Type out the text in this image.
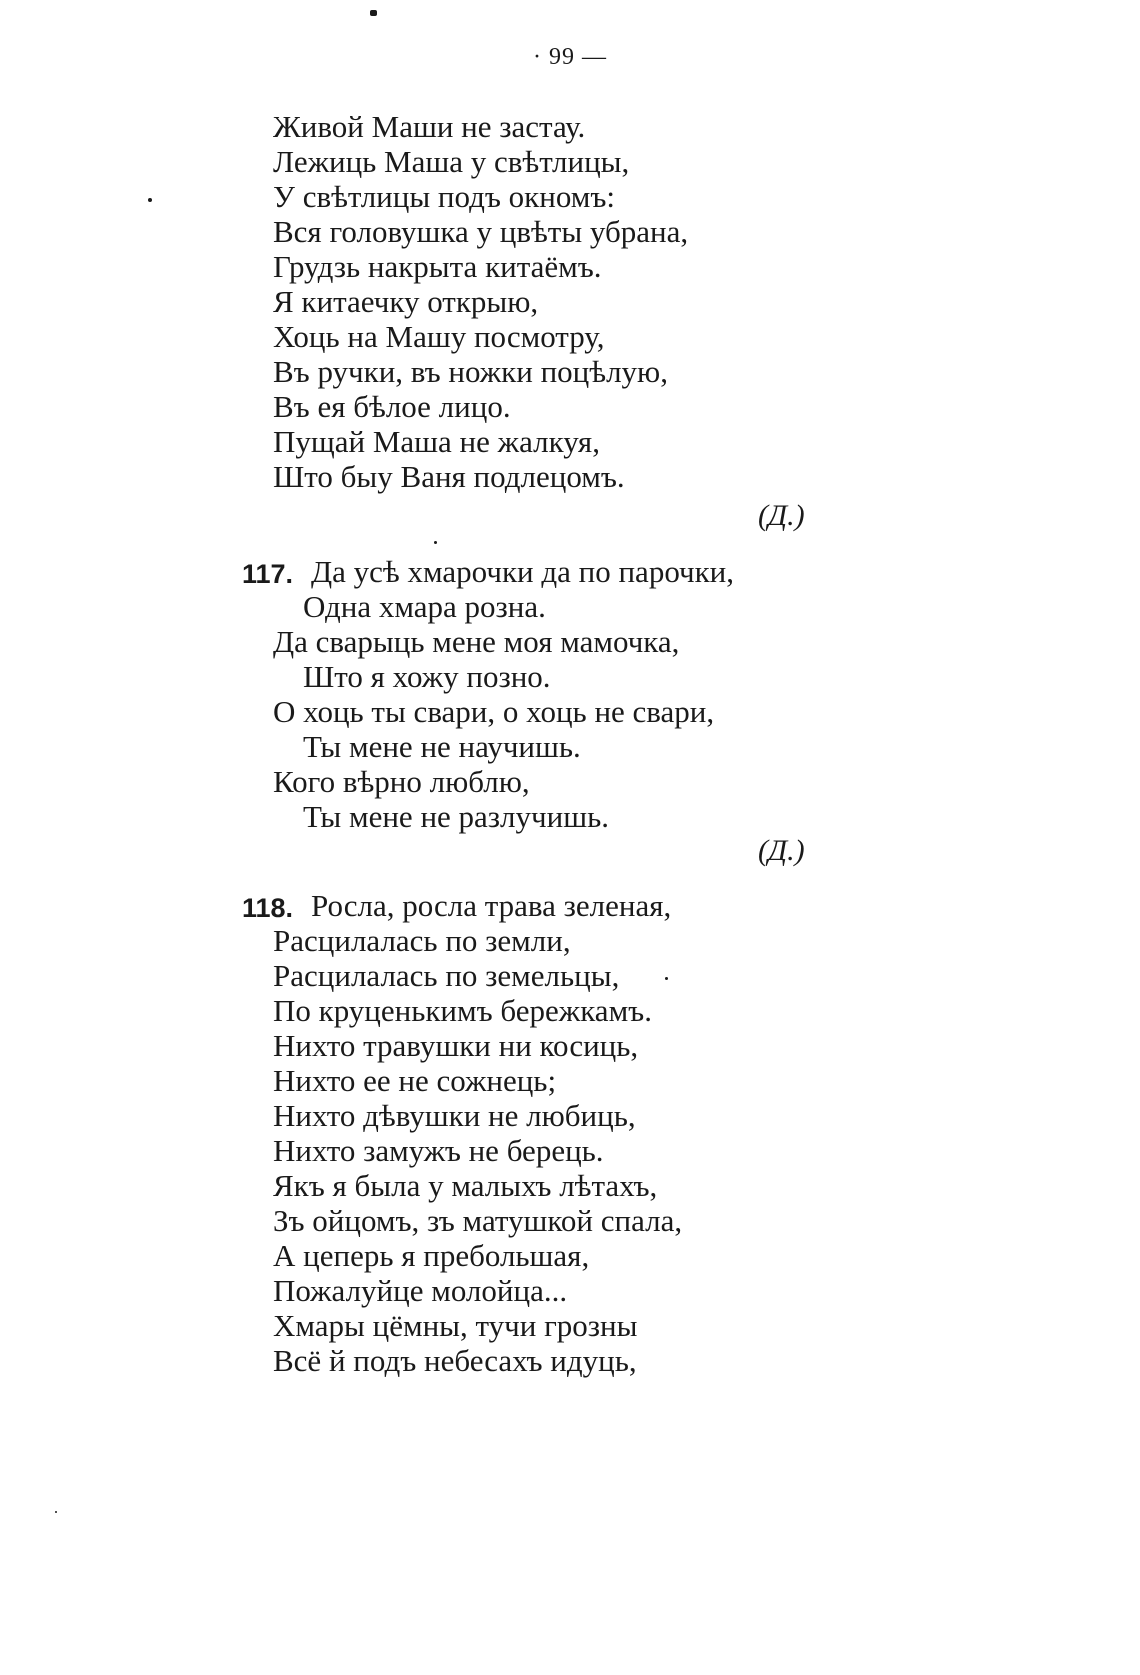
· 99 —
Живой Маши не застау.
Лежиць Маша у свѣтлицы,
У свѣтлицы подъ окномъ:
Вся головушка у цвѣты убрана,
Грудзь накрыта китаёмъ.
Я китаечку открыю,
Хоць на Машу посмотру,
Въ ручки, въ ножки поцѣлую,
Въ ея бѣлое лицо.
Пущай Маша не жалкуя,
Што быу Ваня подлецомъ.
(Д.)
117. Да усѣ хмарочки да по парочки,
Одна хмара розна.
Да сварыць мене моя мамочка,
Што я хожу позно.
О хоць ты свари, о хоць не свари,
Ты мене не научишь.
Кого вѣрно люблю,
Ты мене не разлучишь.
(Д.)
118. Росла, росла трава зеленая,
Расцилалась по земли,
Расцилалась по земельцы,
По круценькимъ бережкамъ.
Нихто травушки ни косиць,
Нихто ее не сожнець;
Нихто дѣвушки не любиць,
Нихто замужъ не берець.
Якъ я была у малыхъ лѣтахъ,
Зъ ойцомъ, зъ матушкой спала,
А цеперь я пребольшая,
Пожалуйце молойца...
Хмары цёмны, тучи грозны
Всё й подъ небесахъ идуць,
